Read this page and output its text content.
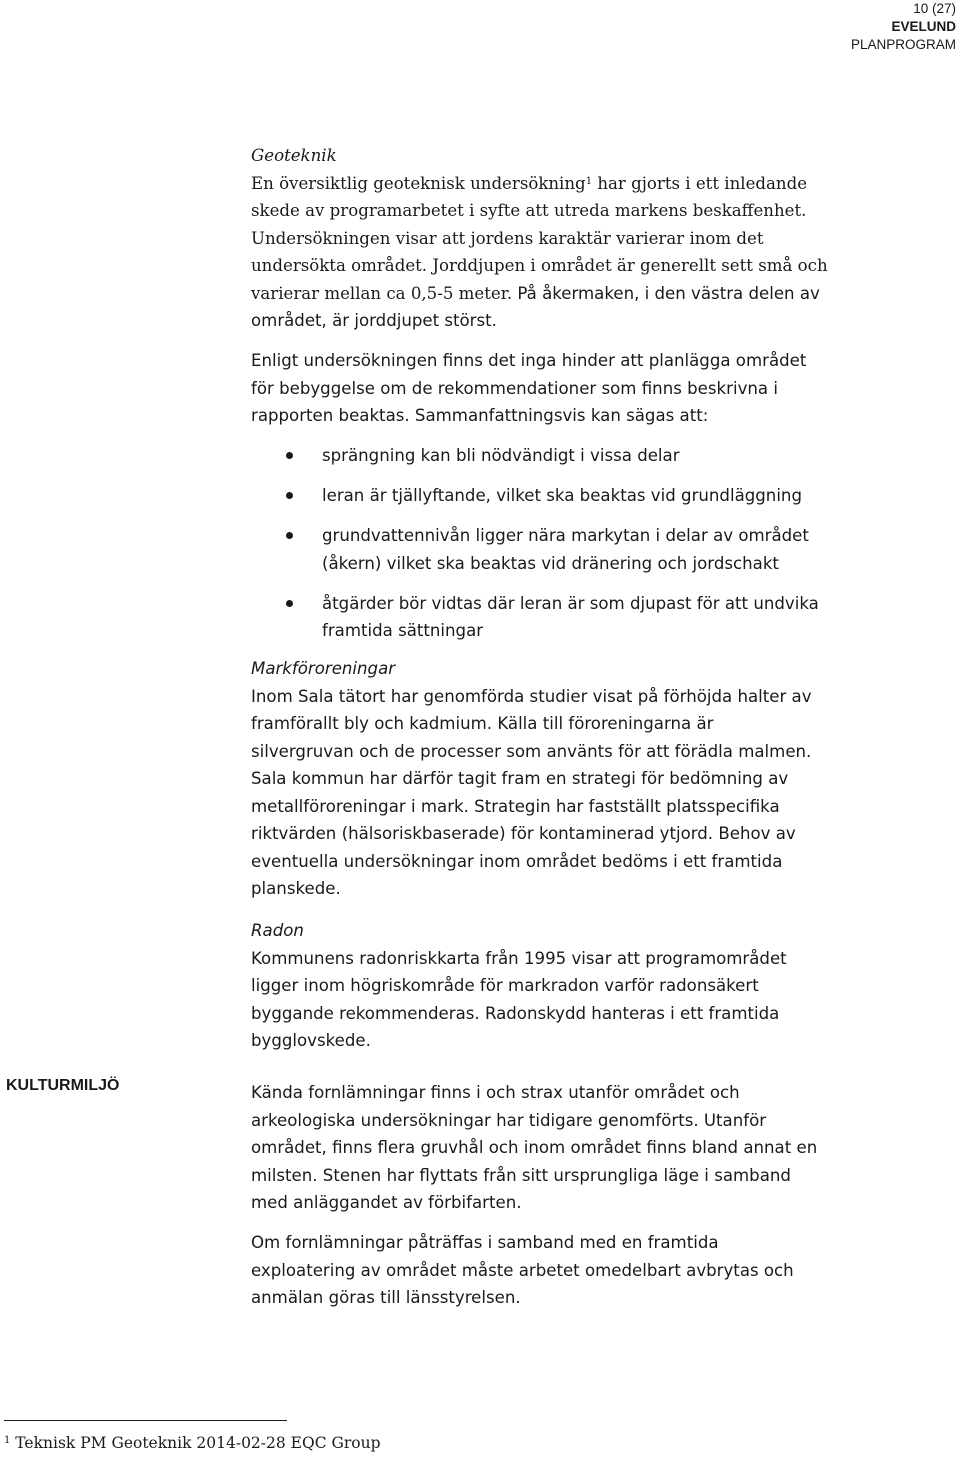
10 (27)
EVELUND
PLANPROGRAM

Geoteknik

En översiktlig geoteknisk undersökning$^1$ har gjorts i ett inledande
skede av programarbetet i syfte att utreda markens beskaffenhet.
Undersökningen visar att jordens karaktär varierar inom det
undersökta området. Jorddjupen i området är generellt sett små och
varierar mellan ca 0,5-5 meter. På åkermaken, i den västra delen av
området, är jorddjupet störst.

Enligt undersökningen finns det inga hinder att planlägga området
för bebyggelse om de rekommendationer som finns beskrivna i
rapporten beaktas. Sammanfattningsvis kan sägas att:

sprängning kan bli nödvändigt i vissa delar
leran är tjällyftande, vilket ska beaktas vid grundläggning
grundvattennivån ligger nära markytan i delar av området
(åkern) vilket ska beaktas vid dränering och jordschakt
åtgärder bör vidtas där leran är som djupast för att undvika
framtida sättningar

Markföroreningar

Inom Sala tätort har genomförda studier visat på förhöjda halter av
framförallt bly och kadmium. Källa till föroreningarna är
silvergruvan och de processer som använts för att förädla malmen.
Sala kommun har därför tagit fram en strategi för bedömning av
metallföroreningar i mark. Strategin har fastställt platsspecifika
riktvärden (hälsoriskbaserade) för kontaminerad ytjord. Behov av
eventuella undersökningar inom området bedöms i ett framtida
planskede.

Radon

Kommunens radonriskkarta från 1995 visar att programområdet
ligger inom högriskområde för markradon varför radonsäkert
byggande rekommenderas. Radonskydd hanteras i ett framtida
bygglovskede.

KULTURMILJÖ	Kända fornlämningar finns i och strax utanför området och
arkeologiska undersökningar har tidigare genomförts. Utanför
området, finns flera gruvhål och inom området finns bland annat en
milsten. Stenen har flyttats från sitt ursprungliga läge i samband
med anläggandet av förbifarten.

Om fornlämningar påträffas i samband med en framtida
exploatering av området måste arbetet omedelbart avbrytas och
anmälan göras till länsstyrelsen.

$^1$ Teknisk PM Geoteknik 2014-02-28 EQC Group
